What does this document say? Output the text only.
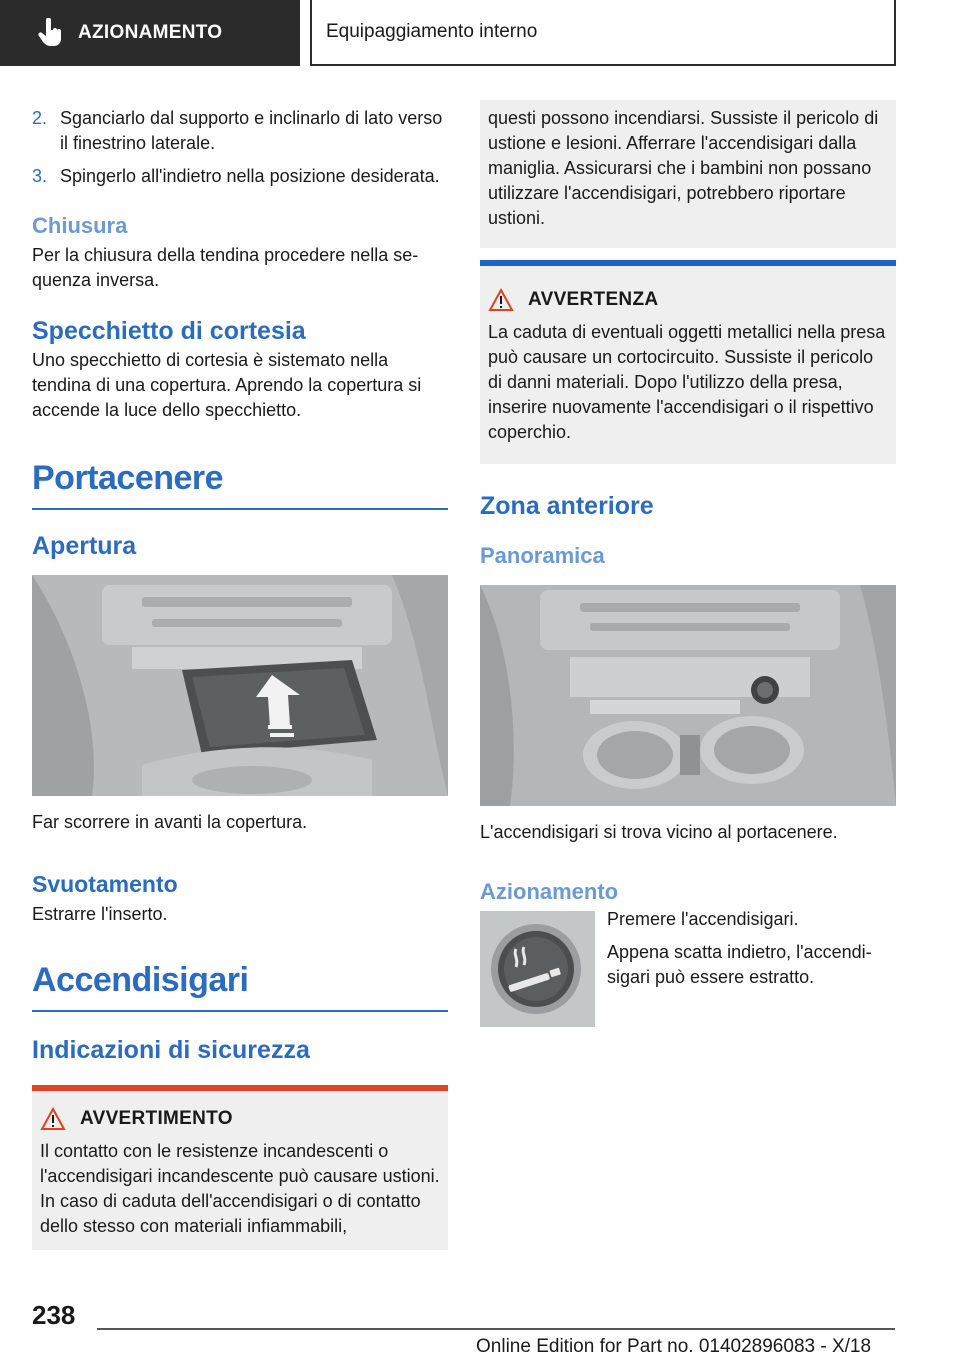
AZIONAMENTO	Equipaggiamento interno
2. Sganciarlo dal supporto e inclinarlo di lato verso il finestrino laterale.
3. Spingerlo all'indietro nella posizione desiderata.
Chiusura
Per la chiusura della tendina procedere nella sequenza inversa.
Specchietto di cortesia
Uno specchietto di cortesia è sistemato nella tendina di una copertura. Aprendo la copertura si accende la luce dello specchietto.
Portacenere
Apertura
Far scorrere in avanti la copertura.
Svuotamento
Estrarre l'inserto.
Accendisigari
Indicazioni di sicurezza
AVVERTIMENTO
Il contatto con le resistenze incandescenti o l'accendisigari incandescente può causare ustioni. In caso di caduta dell'accendisigari o di contatto dello stesso con materiali infiammabili,
questi possono incendiarsi. Sussiste il pericolo di ustione e lesioni. Afferrare l'accendisigari dalla maniglia. Assicurarsi che i bambini non possano utilizzare l'accendisigari, potrebbero riportare ustioni.
AVVERTENZA
La caduta di eventuali oggetti metallici nella presa può causare un cortocircuito. Sussiste il pericolo di danni materiali. Dopo l'utilizzo della presa, inserire nuovamente l'accendisigari o il rispettivo coperchio.
Zona anteriore
Panoramica
L'accendisigari si trova vicino al portacenere.
Azionamento
Premere l'accendisigari.
Appena scatta indietro, l'accendisigari può essere estratto.
238
Online Edition for Part no. 01402896083 - X/18
